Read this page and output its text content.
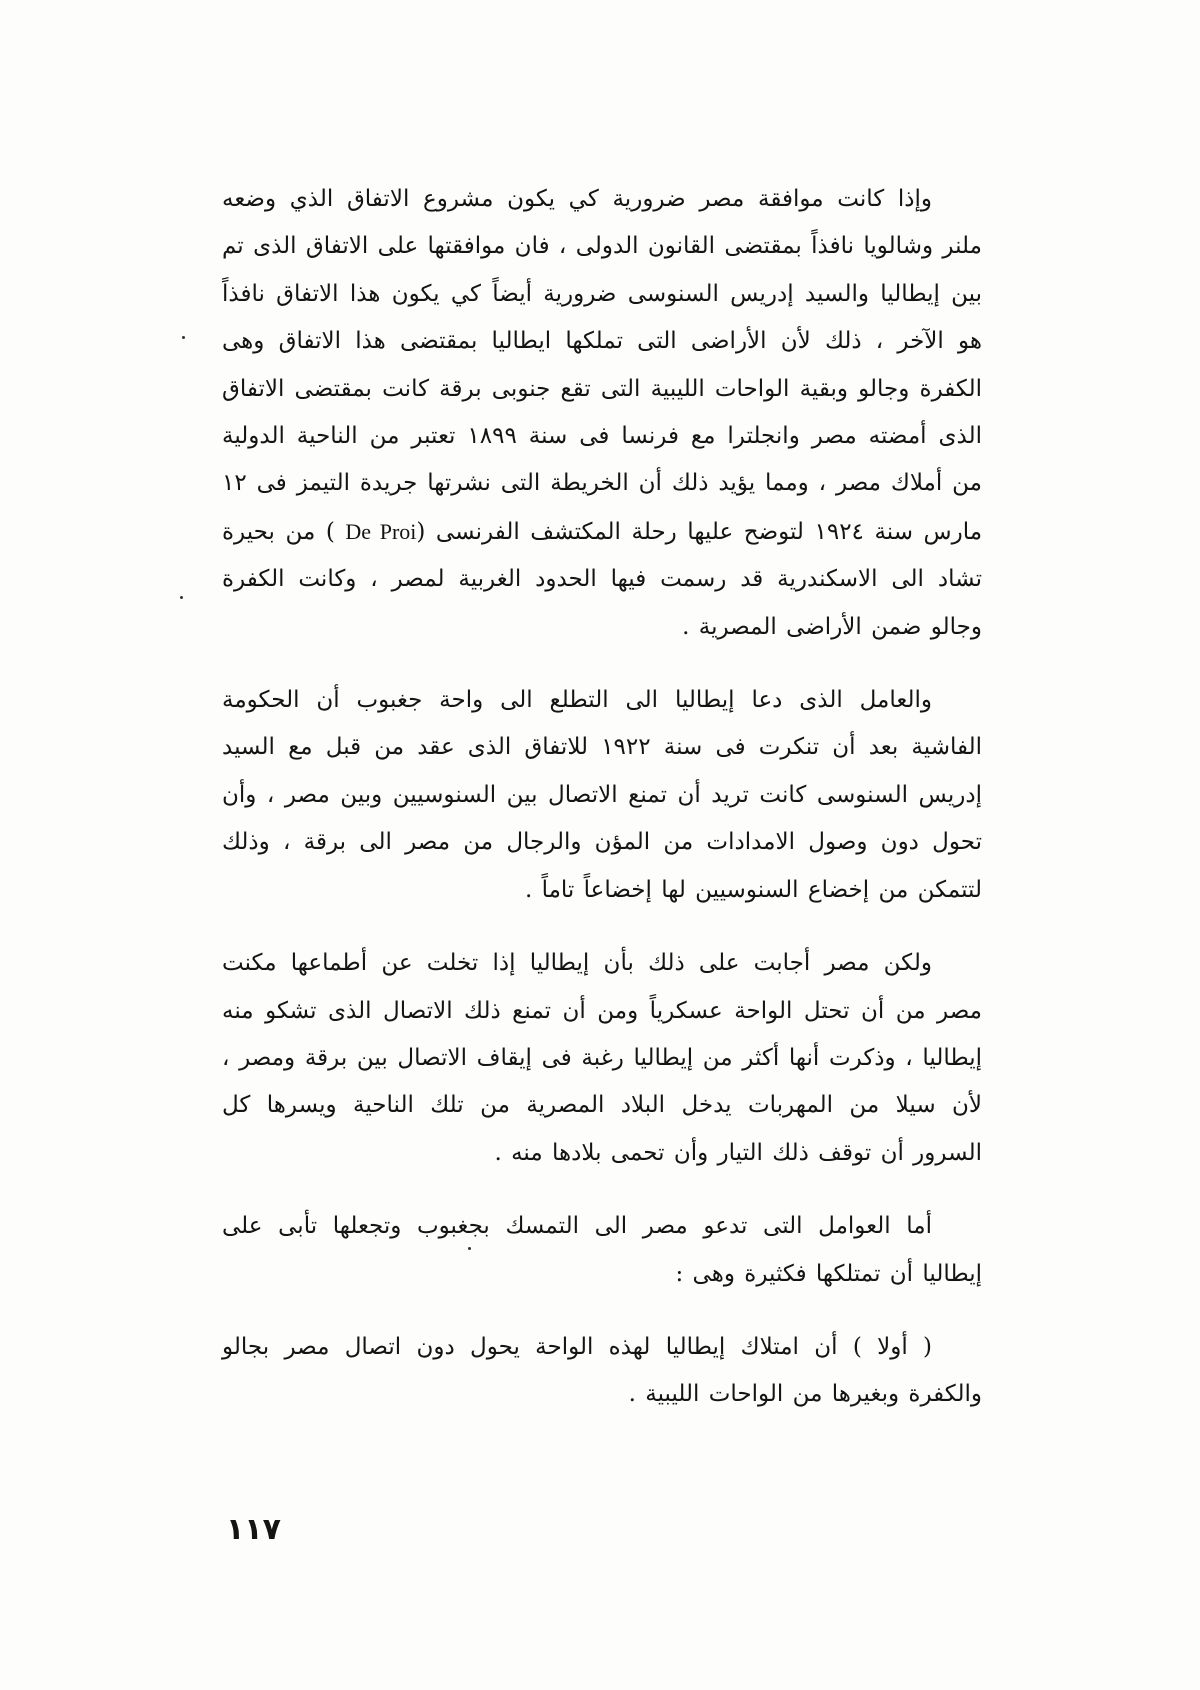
وإذا كانت موافقة مصر ضرورية كي يكون مشروع الاتفاق الذي وضعه ملنر وشالويا نافذاً بمقتضى القانون الدولى ، فان موافقتها على الاتفاق الذى تم بين إيطاليا والسيد إدريس السنوسى ضرورية أيضاً كي يكون هذا الاتفاق نافذاً هو الآخر ، ذلك لأن الأراضى التى تملكها ايطاليا بمقتضى هذا الاتفاق وهى الكفرة وجالو وبقية الواحات الليبية التى تقع جنوبى برقة كانت بمقتضى الاتفاق الذى أمضته مصر وانجلترا مع فرنسا فى سنة ١٨٩٩ تعتبر من الناحية الدولية من أملاك مصر ، ومما يؤيد ذلك أن الخريطة التى نشرتها جريدة التيمز فى ١٢ مارس سنة ١٩٢٤ لتوضح عليها رحلة المكتشف الفرنسى (De Proi ) من بحيرة تشاد الى الاسكندرية قد رسمت فيها الحدود الغربية لمصر ، وكانت الكفرة وجالو ضمن الأراضى المصرية .

والعامل الذى دعا إيطاليا الى التطلع الى واحة جغبوب أن الحكومة الفاشية بعد أن تنكرت فى سنة ١٩٢٢ للاتفاق الذى عقد من قبل مع السيد إدريس السنوسى كانت تريد أن تمنع الاتصال بين السنوسيين وبين مصر ، وأن تحول دون وصول الامدادات من المؤن والرجال من مصر الى برقة ، وذلك لتتمكن من إخضاع السنوسيين لها إخضاعاً تاماً .

ولكن مصر أجابت على ذلك بأن إيطاليا إذا تخلت عن أطماعها مكنت مصر من أن تحتل الواحة عسكرياً ومن أن تمنع ذلك الاتصال الذى تشكو منه إيطاليا ، وذكرت أنها أكثر من إيطاليا رغبة فى إيقاف الاتصال بين برقة ومصر ، لأن سيلا من المهربات يدخل البلاد المصرية من تلك الناحية ويسرها كل السرور أن توقف ذلك التيار وأن تحمى بلادها منه .

أما العوامل التى تدعو مصر الى التمسك بجغبوب وتجعلها تأبى على إيطاليا أن تمتلكها فكثيرة وهى :

( أولا ) أن امتلاك إيطاليا لهذه الواحة يحول دون اتصال مصر بجالو والكفرة وبغيرها من الواحات الليبية .

١١٧
